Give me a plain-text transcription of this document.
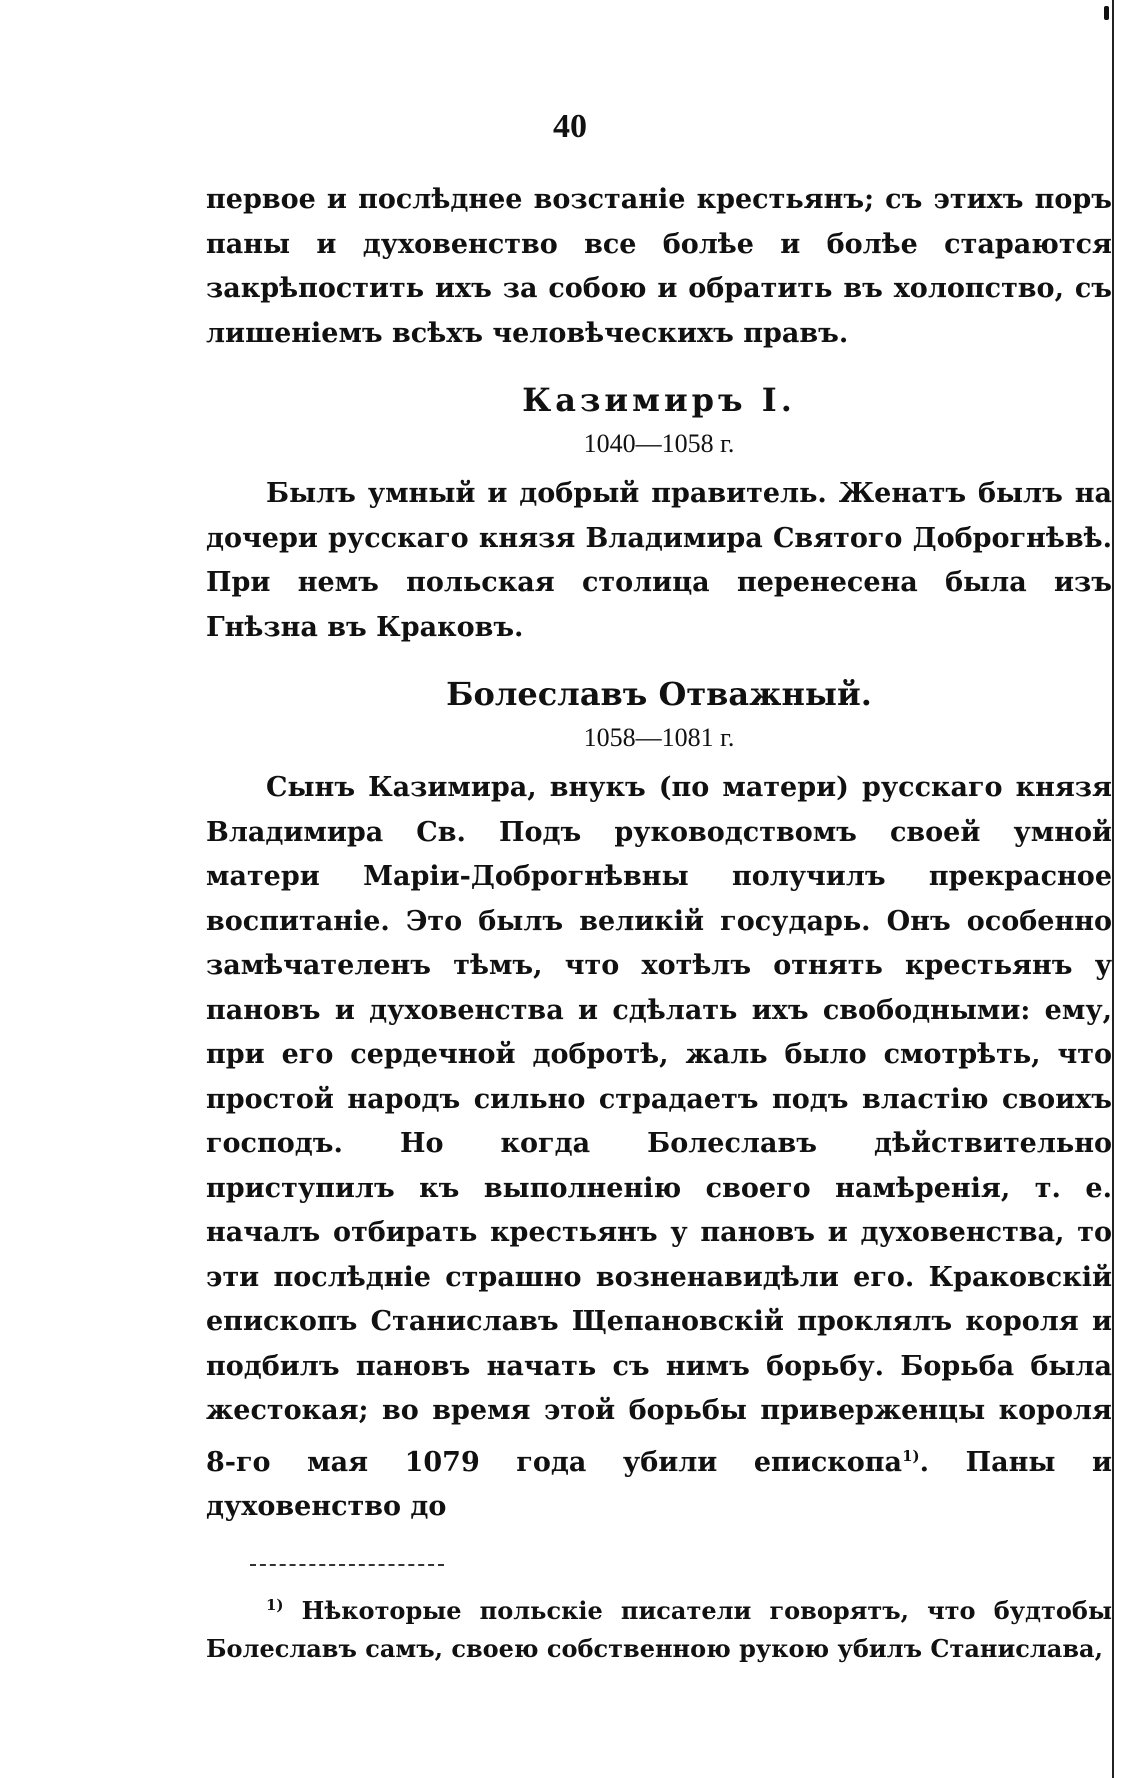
40

первое и послѣднее возстаніе крестьянъ; съ этихъ поръ паны и духовенство все болѣе и болѣе стараются закрѣпостить ихъ за собою и обратить въ холопство, съ лишеніемъ всѣхъ человѣческихъ правъ.

Казимиръ I.

1040—1058 г.

Былъ умный и добрый правитель. Женатъ былъ на дочери русскаго князя Владимира Святого Доброгнѣвѣ. При немъ польская столица перенесена была изъ Гнѣзна въ Краковъ.

Болеславъ Отважный.

1058—1081 г.

Сынъ Казимира, внукъ (по матери) русскаго князя Владимира Св. Подъ руководствомъ своей умной матери Маріи-Доброгнѣвны получилъ прекрасное воспитаніе. Это былъ великій государь. Онъ особенно замѣчателенъ тѣмъ, что хотѣлъ отнять крестьянъ у пановъ и духовенства и сдѣлать ихъ свободными: ему, при его сердечной добротѣ, жаль было смотрѣть, что простой народъ сильно страдаетъ подъ властію своихъ господъ. Но когда Болеславъ дѣйствительно приступилъ къ выполненію своего намѣренія, т. е. началъ отбирать крестьянъ у пановъ и духовенства, то эти послѣдніе страшно возненавидѣли его. Краковскій епископъ Станиславъ Щепановскій проклялъ короля и подбилъ пановъ начать съ нимъ борьбу. Борьба была жестокая; во время этой борьбы приверженцы короля 8-го мая 1079 года убили епископа$^{1)}$. Паны и духовенство до

$^{1)}$ Нѣкоторые польскіе писатели говорятъ, что будтобы Болеславъ самъ, своею собственною рукою убилъ Станислава,
